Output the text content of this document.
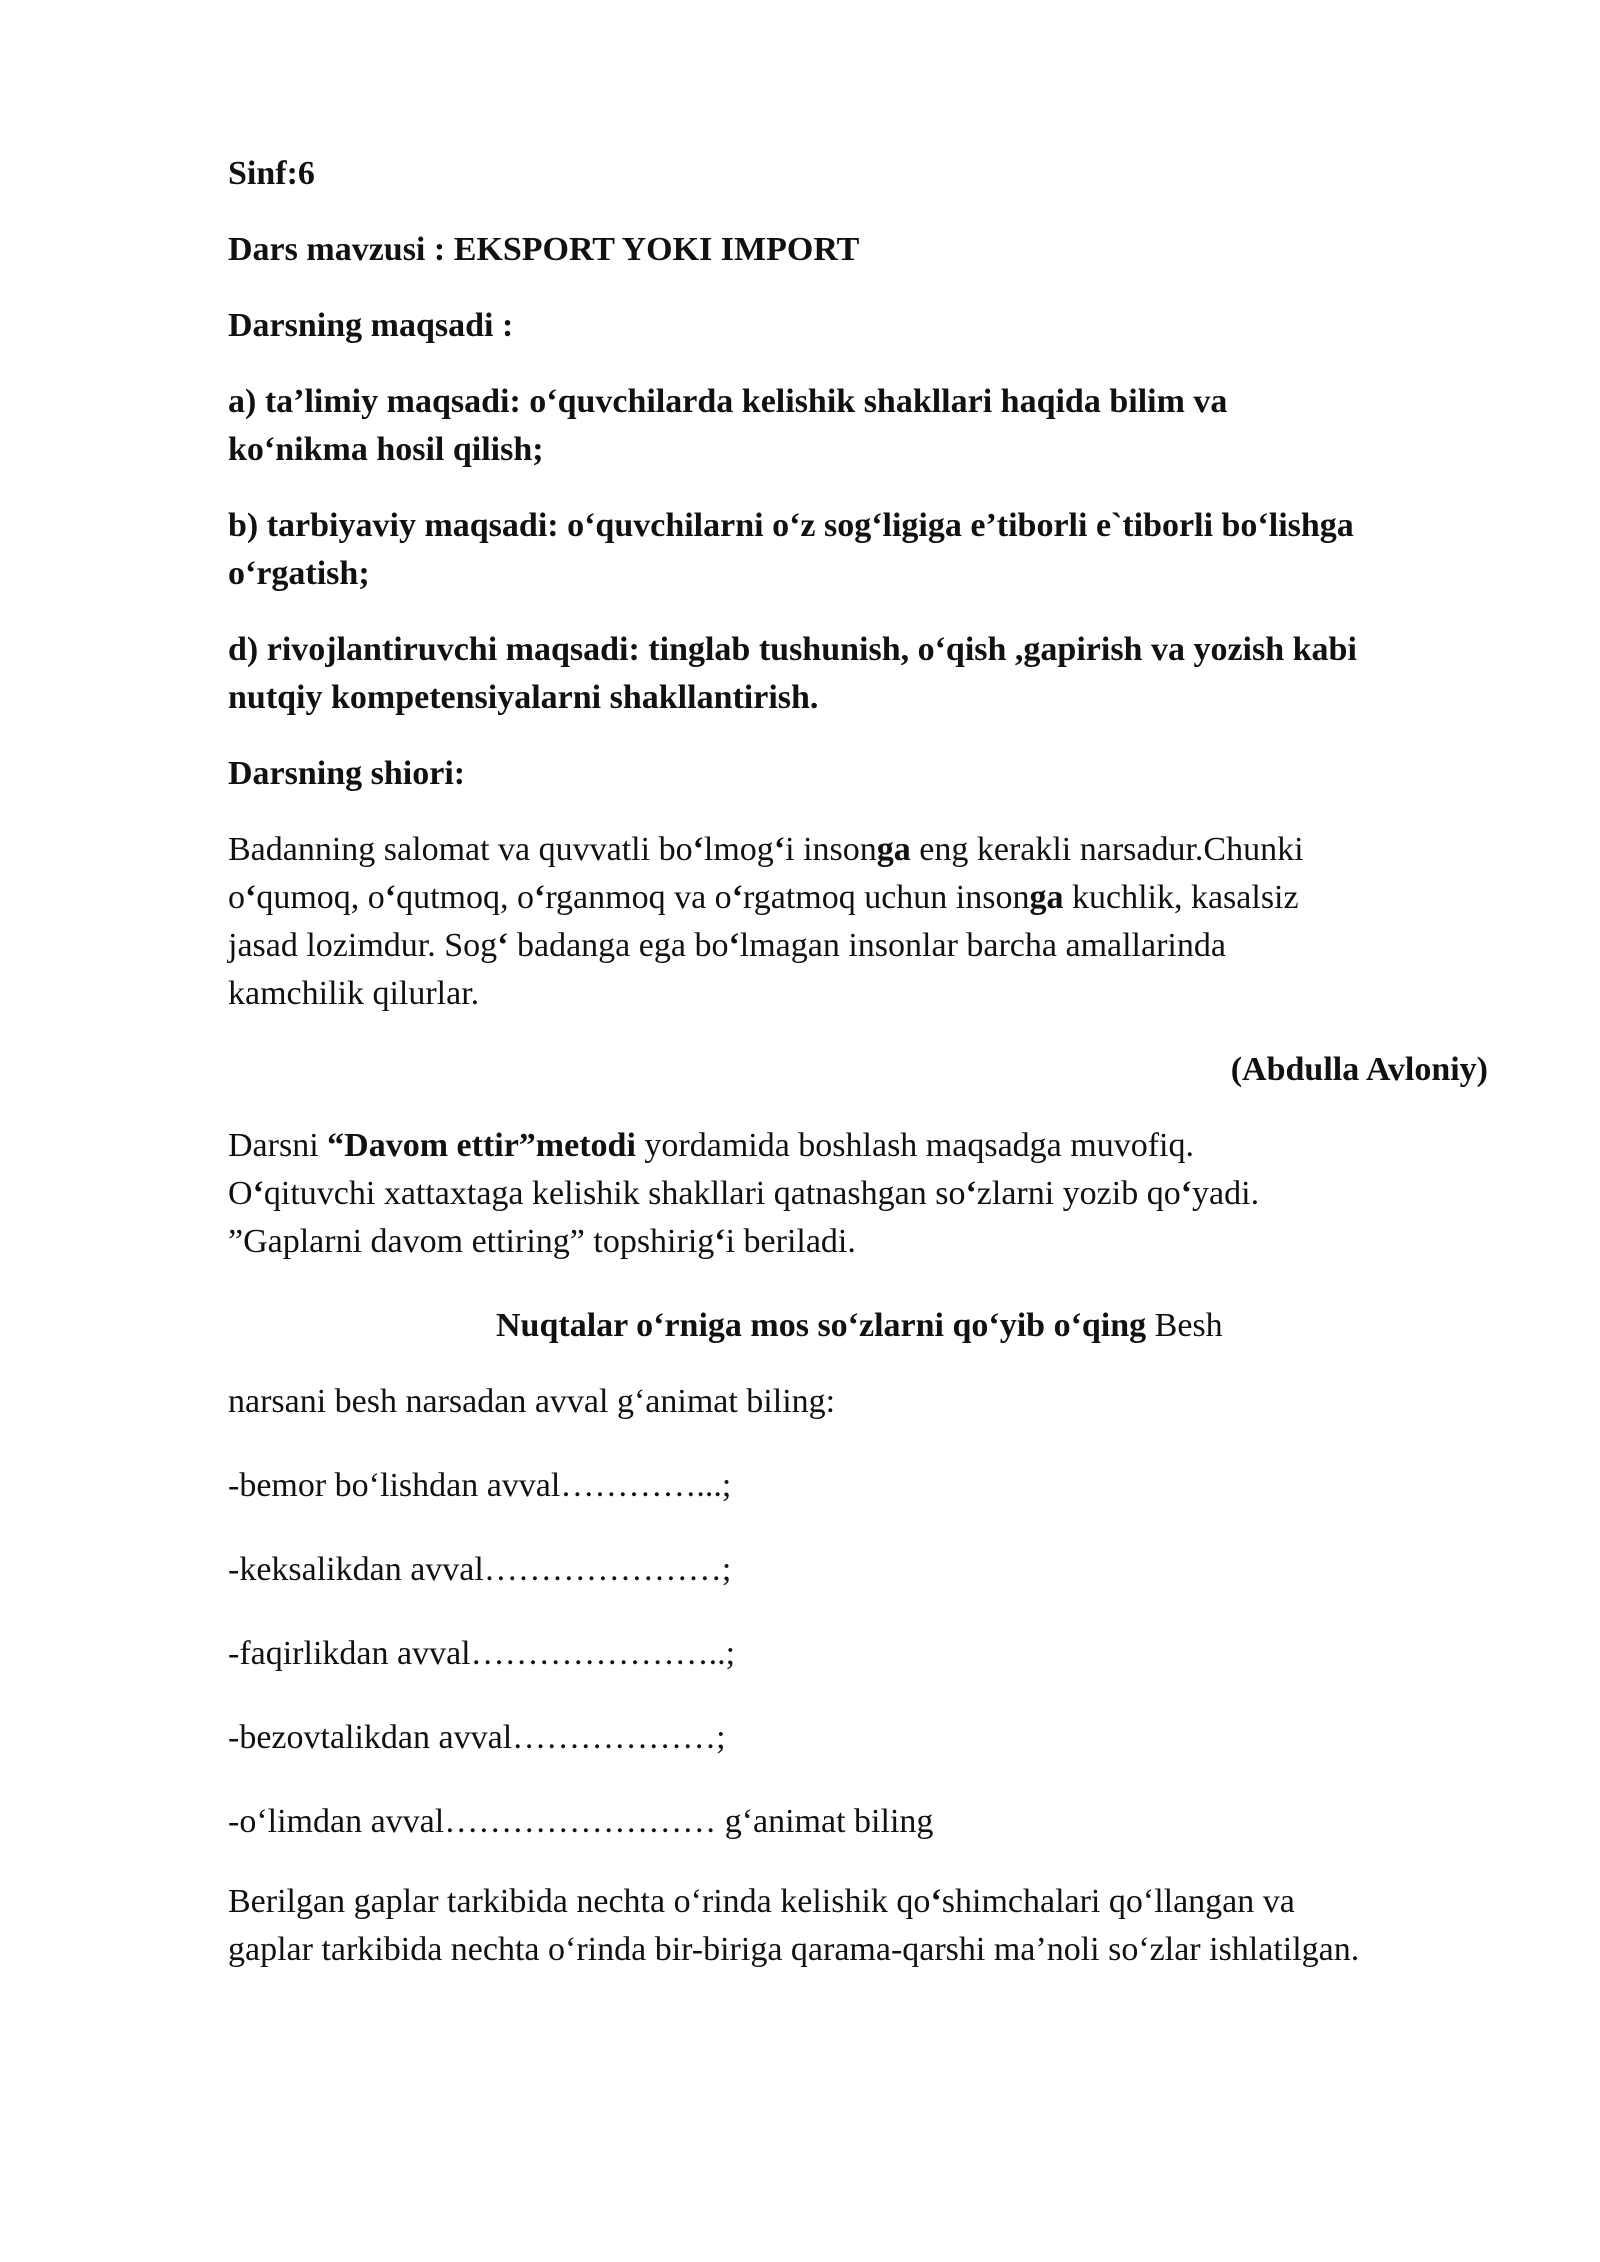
Sinf:6

Dars mavzusi : EKSPORT YOKI IMPORT

Darsning maqsadi :

a) ta’limiy maqsadi: o‘quvchilarda kelishik shakllari haqida bilim va

ko‘nikma hosil qilish;

b) tarbiyaviy maqsadi: o‘quvchilarni o‘z sog‘ligiga e’tiborli e`tiborli bo‘lishga

o‘rgatish;

d) rivojlantiruvchi maqsadi: tinglab tushunish, o‘qish ,gapirish va yozish kabi

nutqiy kompetensiyalarni shakllantirish.

Darsning shiori:

Badanning salomat va quvvatli bo‘lmog‘i insonga eng kerakli narsadur.Chunki

o‘qumoq, o‘qutmoq, o‘rganmoq va o‘rgatmoq uchun insonga kuchlik, kasalsiz

jasad lozimdur. Sog‘ badanga ega bo‘lmagan insonlar barcha amallarinda

kamchilik qilurlar.

(Abdulla Avloniy)

Darsni “Davom ettir”metodi yordamida boshlash maqsadga muvofiq.

O‘qituvchi xattaxtaga kelishik shakllari qatnashgan so‘zlarni yozib qo‘yadi.

”Gaplarni davom ettiring” topshirig‘i beriladi.

Nuqtalar o‘rniga mos so‘zlarni qo‘yib o‘qing Besh

narsani besh narsadan avval g‘animat biling:

-bemor bo‘lishdan avval…………...;

-keksalikdan avval…………………;

-faqirlikdan avval…………………..;

-bezovtalikdan avval………………;

-o‘limdan avval…………………… g‘animat biling

Berilgan gaplar tarkibida nechta o‘rinda kelishik qo‘shimchalari qo‘llangan va

gaplar tarkibida nechta o‘rinda bir-biriga qarama-qarshi ma’noli so‘zlar ishlatilgan.
